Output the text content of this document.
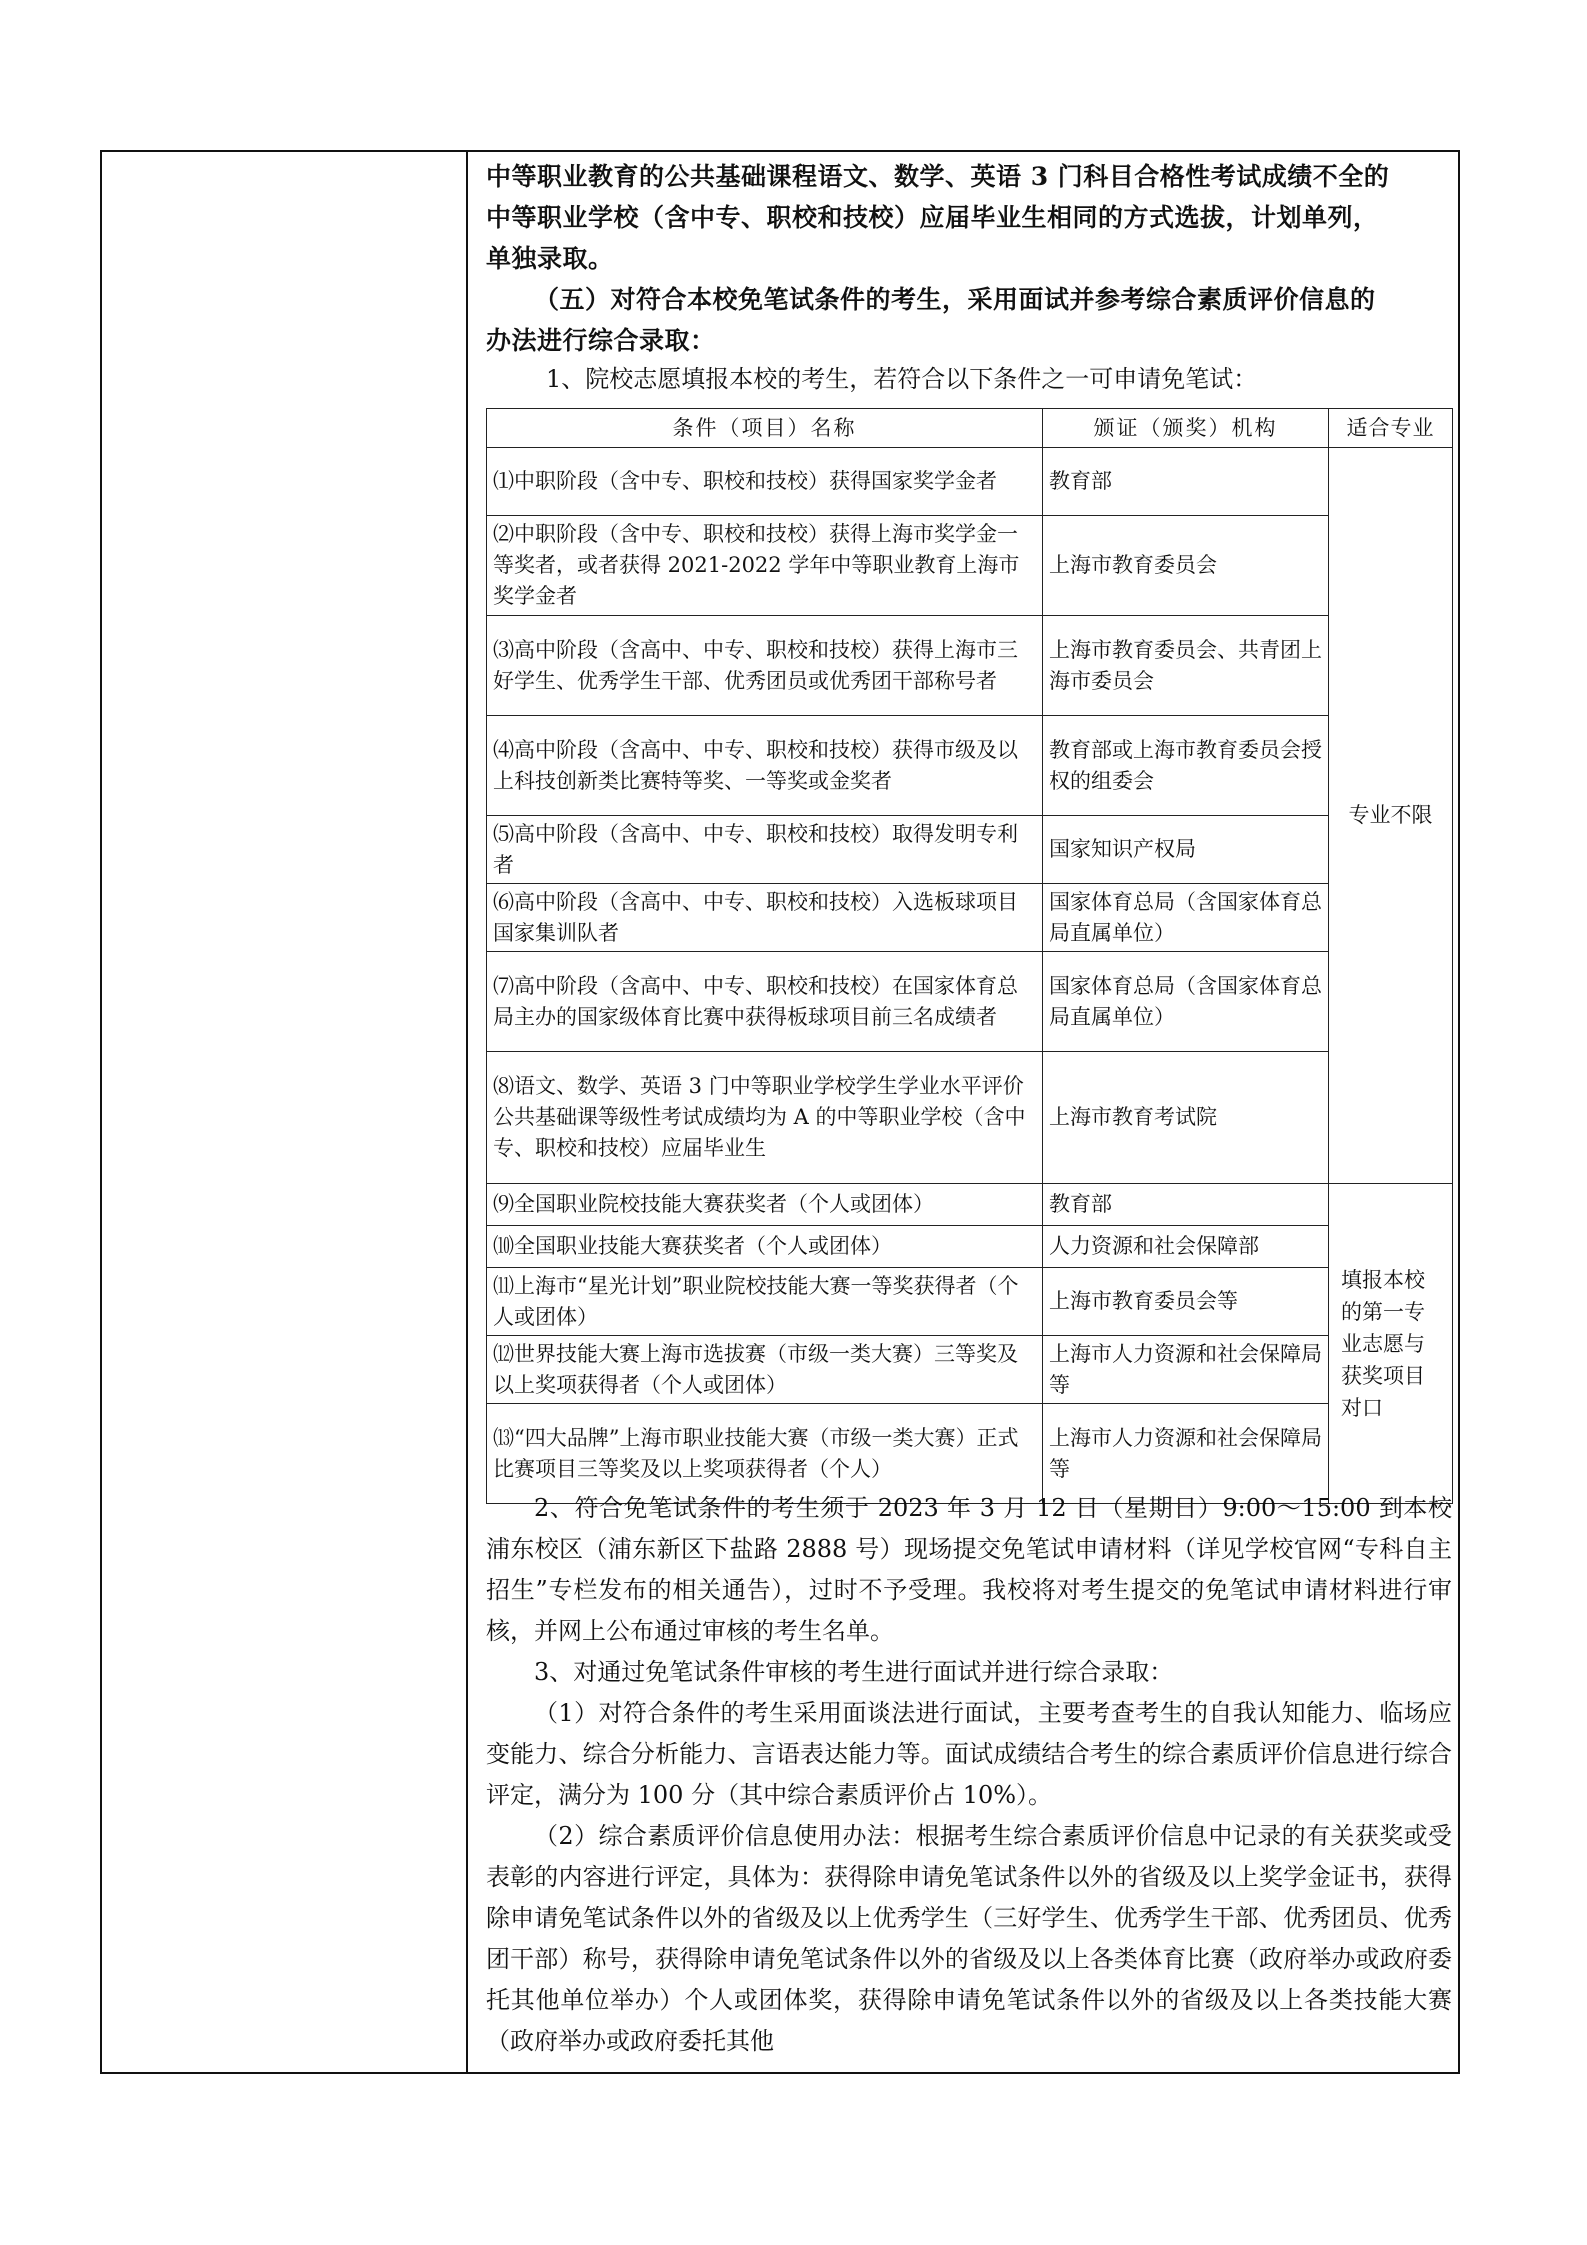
中等职业教育的公共基础课程语文、数学、英语 3 门科目合格性考试成绩不全的

中等职业学校（含中专、职校和技校）应届毕业生相同的方式选拔，计划单列，

单独录取。

（五）对符合本校免笔试条件的考生，采用面试并参考综合素质评价信息的

办法进行综合录取：

1、院校志愿填报本校的考生，若符合以下条件之一可申请免笔试：

条件（项目）名称	颁证（颁奖）机构	适合专业
⑴中职阶段（含中专、职校和技校）获得国家奖学金者	教育部	专业不限
⑵中职阶段（含中专、职校和技校）获得上海市奖学金一等奖者，或者获得 2021-2022 学年中等职业教育上海市奖学金者	上海市教育委员会	
⑶高中阶段（含高中、中专、职校和技校）获得上海市三好学生、优秀学生干部、优秀团员或优秀团干部称号者	上海市教育委员会、共青团上海市委员会	
⑷高中阶段（含高中、中专、职校和技校）获得市级及以上科技创新类比赛特等奖、一等奖或金奖者	教育部或上海市教育委员会授权的组委会	
⑸高中阶段（含高中、中专、职校和技校）取得发明专利者	国家知识产权局	
⑹高中阶段（含高中、中专、职校和技校）入选板球项目国家集训队者	国家体育总局（含国家体育总局直属单位）	
⑺高中阶段（含高中、中专、职校和技校）在国家体育总局主办的国家级体育比赛中获得板球项目前三名成绩者	国家体育总局（含国家体育总局直属单位）	
⑻语文、数学、英语 3 门中等职业学校学生学业水平评价公共基础课等级性考试成绩均为 A 的中等职业学校（含中专、职校和技校）应届毕业生	上海市教育考试院	
⑼全国职业院校技能大赛获奖者（个人或团体）	教育部	填报本校的第一专业志愿与获奖项目对口
⑽全国职业技能大赛获奖者（个人或团体）	人力资源和社会保障部	
⑾上海市“星光计划”职业院校技能大赛一等奖获得者（个人或团体）	上海市教育委员会等	
⑿世界技能大赛上海市选拔赛（市级一类大赛）三等奖及以上奖项获得者（个人或团体）	上海市人力资源和社会保障局等	
⒀“四大品牌”上海市职业技能大赛（市级一类大赛）正式比赛项目三等奖及以上奖项获得者（个人）	上海市人力资源和社会保障局等	

2、符合免笔试条件的考生须于 2023 年 3 月 12 日（星期日）9:00～15:00 到本校浦东校区（浦东新区下盐路 2888 号）现场提交免笔试申请材料（详见学校官网“专科自主招生”专栏发布的相关通告），过时不予受理。我校将对考生提交的免笔试申请材料进行审核，并网上公布通过审核的考生名单。

3、对通过免笔试条件审核的考生进行面试并进行综合录取：

（1）对符合条件的考生采用面谈法进行面试，主要考查考生的自我认知能力、临场应变能力、综合分析能力、言语表达能力等。面试成绩结合考生的综合素质评价信息进行综合评定，满分为 100 分（其中综合素质评价占 10%）。

（2）综合素质评价信息使用办法：根据考生综合素质评价信息中记录的有关获奖或受表彰的内容进行评定，具体为：获得除申请免笔试条件以外的省级及以上奖学金证书，获得除申请免笔试条件以外的省级及以上优秀学生（三好学生、优秀学生干部、优秀团员、优秀团干部）称号，获得除申请免笔试条件以外的省级及以上各类体育比赛（政府举办或政府委托其他单位举办）个人或团体奖，获得除申请免笔试条件以外的省级及以上各类技能大赛（政府举办或政府委托其他
